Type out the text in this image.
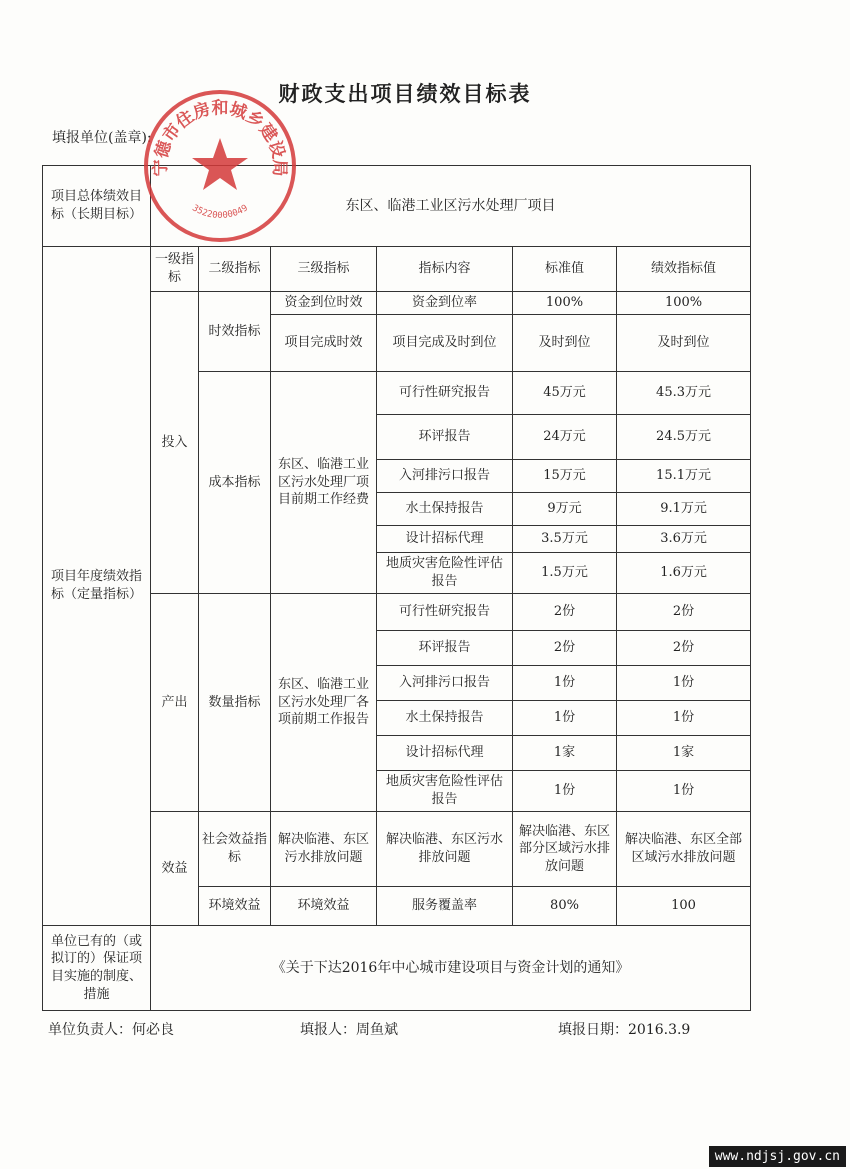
财政支出项目绩效目标表
填报单位(盖章):
项目总体绩效目标（长期目标）	东区、临港工业区污水处理厂项目					
项目年度绩效指标（定量指标）	一级指标	二级指标	三级指标	指标内容	标准值	绩效指标值
	投入	时效指标	资金到位时效	资金到位率	100%	100%
			项目完成时效	项目完成及时到位	及时到位	及时到位
		成本指标	东区、临港工业区污水处理厂项目前期工作经费	可行性研究报告	45万元	45.3万元
				环评报告	24万元	24.5万元
				入河排污口报告	15万元	15.1万元
				水土保持报告	9万元	9.1万元
				设计招标代理	3.5万元	3.6万元
				地质灾害危险性评估报告	1.5万元	1.6万元
	产出	数量指标	东区、临港工业区污水处理厂各项前期工作报告	可行性研究报告	2份	2份
				环评报告	2份	2份
				入河排污口报告	1份	1份
				水土保持报告	1份	1份
				设计招标代理	1家	1家
				地质灾害危险性评估报告	1份	1份
	效益	社会效益指标	解决临港、东区污水排放问题	解决临港、东区污水排放问题	解决临港、东区部分区域污水排放问题	解决临港、东区全部区域污水排放问题
		环境效益	环境效益	服务覆盖率	80%	100
单位已有的（或拟订的）保证项目实施的制度、措施	《关于下达2016年中心城市建设项目与资金计划的通知》					
单位负责人：何必良	填报人：周鱼斌	填报日期：2016.3.9
宁德市住房和城乡建设局
35220000049
www.ndjsj.gov.cn
